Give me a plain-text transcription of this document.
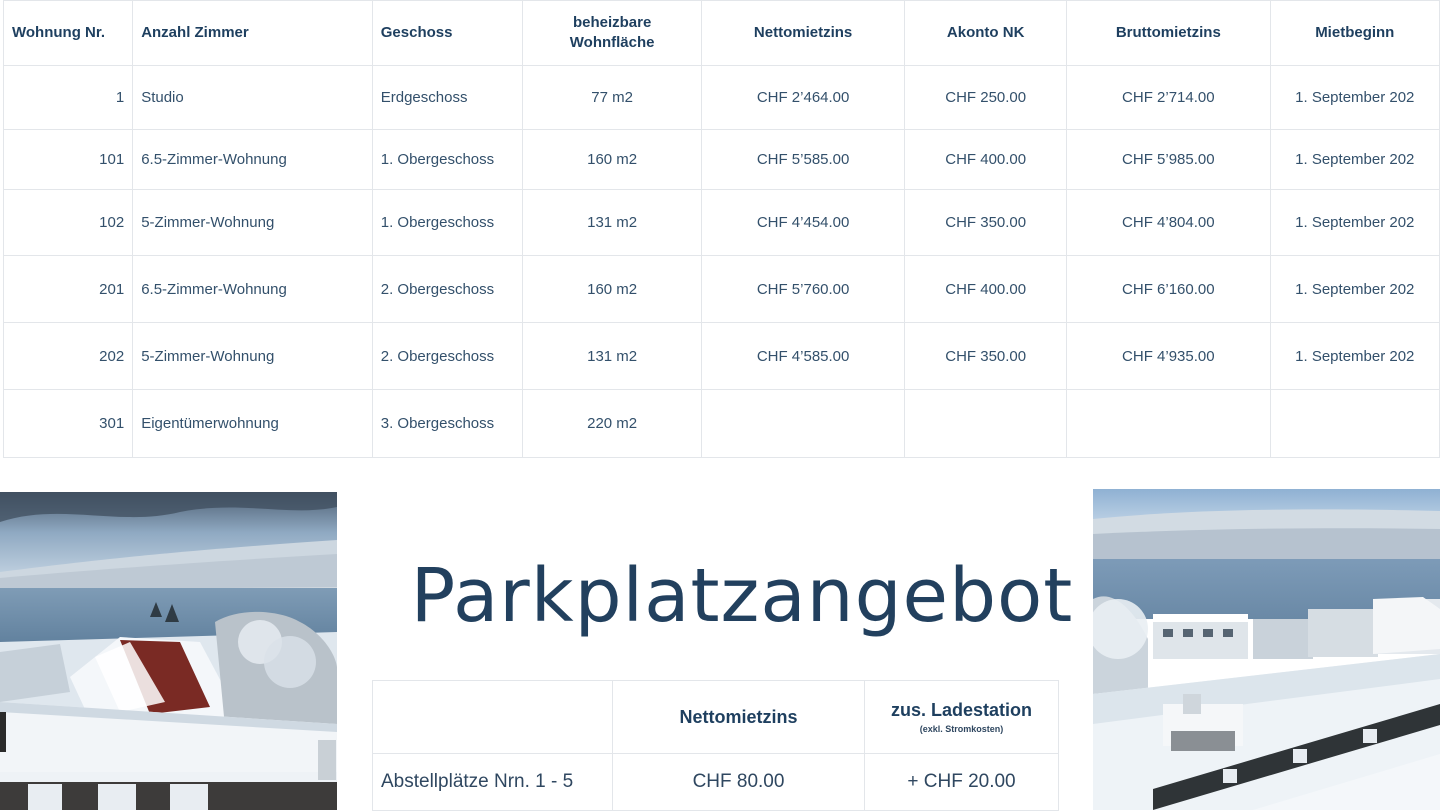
Wohnung Nr.	Anzahl Zimmer	Geschoss	beheizbare Wohnfläche	Nettomietzins	Akonto NK	Bruttomietzins	Mietbeginn
1	Studio	Erdgeschoss	77 m2	CHF 2’464.00	CHF 250.00	CHF 2’714.00	1. September 202
101	6.5-Zimmer-Wohnung	1. Obergeschoss	160 m2	CHF 5’585.00	CHF 400.00	CHF 5’985.00	1. September 202
102	5-Zimmer-Wohnung	1. Obergeschoss	131 m2	CHF 4’454.00	CHF 350.00	CHF 4’804.00	1. September 202
201	6.5-Zimmer-Wohnung	2. Obergeschoss	160 m2	CHF 5’760.00	CHF 400.00	CHF 6’160.00	1. September 202
202	5-Zimmer-Wohnung	2. Obergeschoss	131 m2	CHF 4’585.00	CHF 350.00	CHF 4’935.00	1. September 202
301	Eigentümerwohnung	3. Obergeschoss	220 m2				
Parkplatzangebot
	Nettomietzins	zus. Ladestation
(exkl. Stromkosten)

Abstellplätze Nrn. 1 - 5	CHF 80.00	+ CHF 20.00
